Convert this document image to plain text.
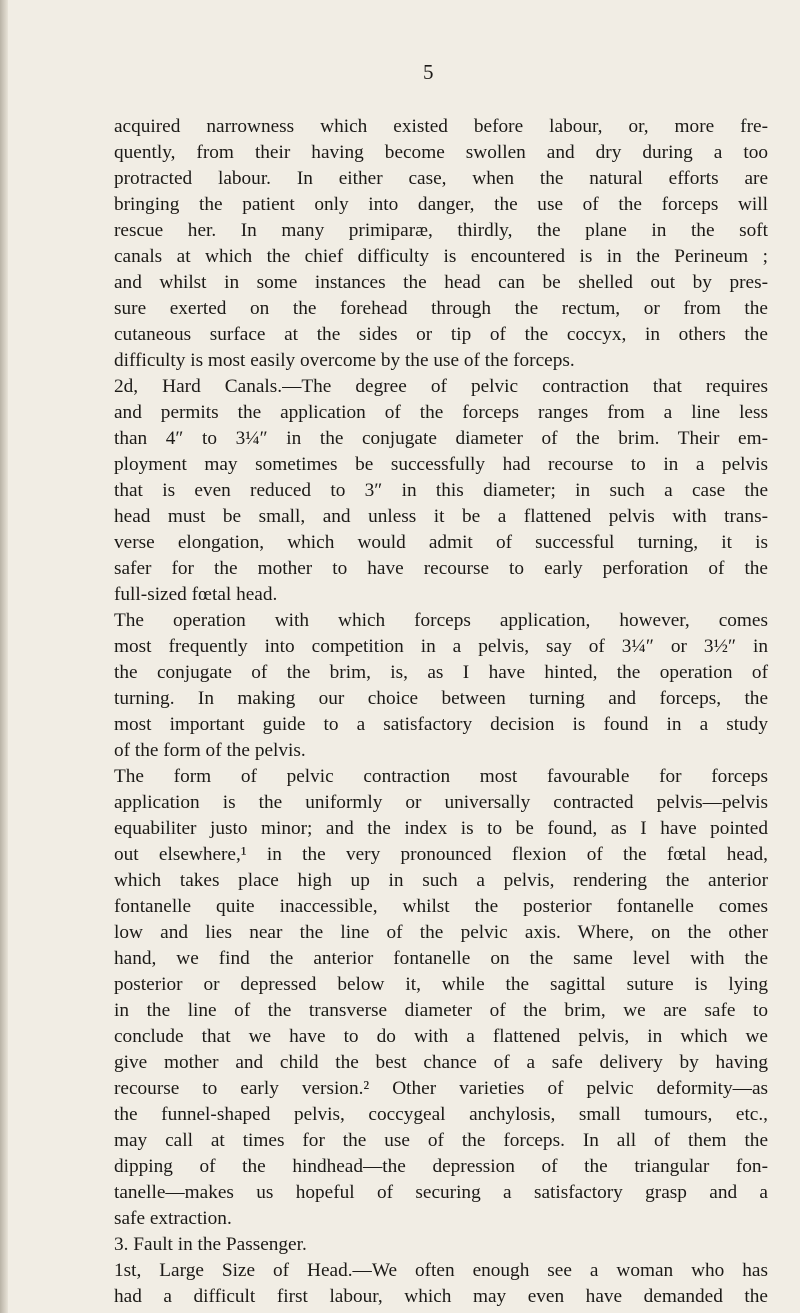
5
acquired narrowness which existed before labour, or, more fre-
quently, from their having become swollen and dry during a too
protracted labour. In either case, when the natural efforts are
bringing the patient only into danger, the use of the forceps will
rescue her. In many primiparæ, thirdly, the plane in the soft
canals at which the chief difficulty is encountered is in the Perineum ;
and whilst in some instances the head can be shelled out by pres-
sure exerted on the forehead through the rectum, or from the
cutaneous surface at the sides or tip of the coccyx, in others the
difficulty is most easily overcome by the use of the forceps.
2d, Hard Canals.—The degree of pelvic contraction that requires
and permits the application of the forceps ranges from a line less
than 4″ to 3¼″ in the conjugate diameter of the brim. Their em-
ployment may sometimes be successfully had recourse to in a pelvis
that is even reduced to 3″ in this diameter; in such a case the
head must be small, and unless it be a flattened pelvis with trans-
verse elongation, which would admit of successful turning, it is
safer for the mother to have recourse to early perforation of the
full-sized fœtal head.
The operation with which forceps application, however, comes
most frequently into competition in a pelvis, say of 3¼″ or 3½″ in
the conjugate of the brim, is, as I have hinted, the operation of
turning. In making our choice between turning and forceps, the
most important guide to a satisfactory decision is found in a study
of the form of the pelvis.
The form of pelvic contraction most favourable for forceps
application is the uniformly or universally contracted pelvis—pelvis
equabiliter justo minor; and the index is to be found, as I have pointed
out elsewhere,¹ in the very pronounced flexion of the fœtal head,
which takes place high up in such a pelvis, rendering the anterior
fontanelle quite inaccessible, whilst the posterior fontanelle comes
low and lies near the line of the pelvic axis. Where, on the other
hand, we find the anterior fontanelle on the same level with the
posterior or depressed below it, while the sagittal suture is lying
in the line of the transverse diameter of the brim, we are safe to
conclude that we have to do with a flattened pelvis, in which we
give mother and child the best chance of a safe delivery by having
recourse to early version.² Other varieties of pelvic deformity—as
the funnel-shaped pelvis, coccygeal anchylosis, small tumours, etc.,
may call at times for the use of the forceps. In all of them the
dipping of the hindhead—the depression of the triangular fon-
tanelle—makes us hopeful of securing a satisfactory grasp and a
safe extraction.
3. Fault in the Passenger.
1st, Large Size of Head.—We often enough see a woman who has
had a difficult first labour, which may even have demanded the
